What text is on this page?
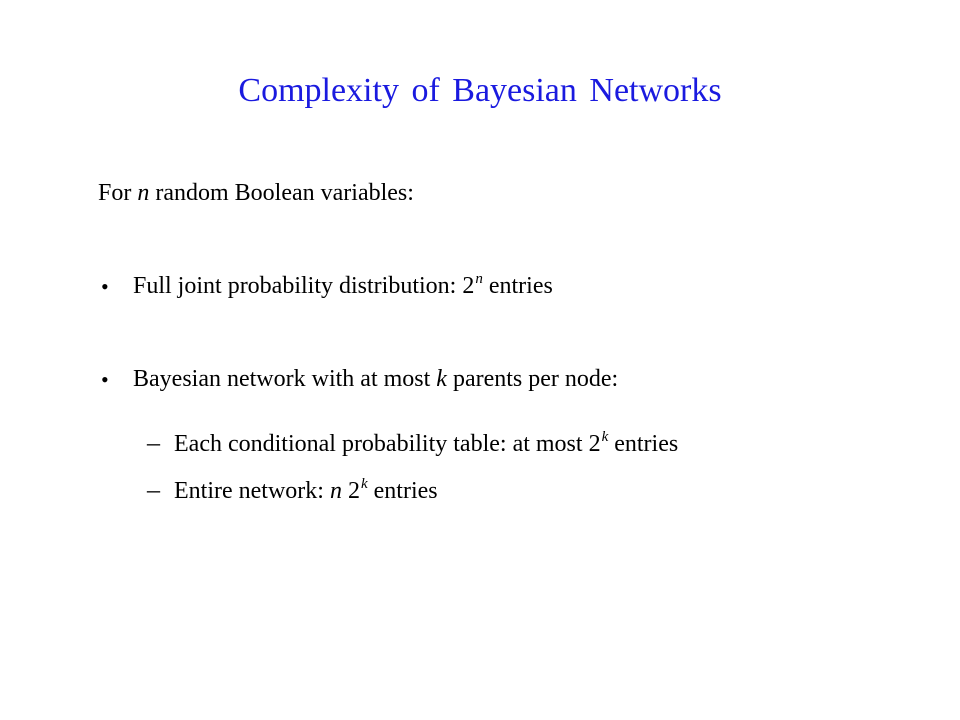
Complexity of Bayesian Networks
For n random Boolean variables:
• Full joint probability distribution: 2$^n$ entries
• Bayesian network with at most k parents per node:
– Each conditional probability table: at most 2$^k$ entries
– Entire network: n 2$^k$ entries
